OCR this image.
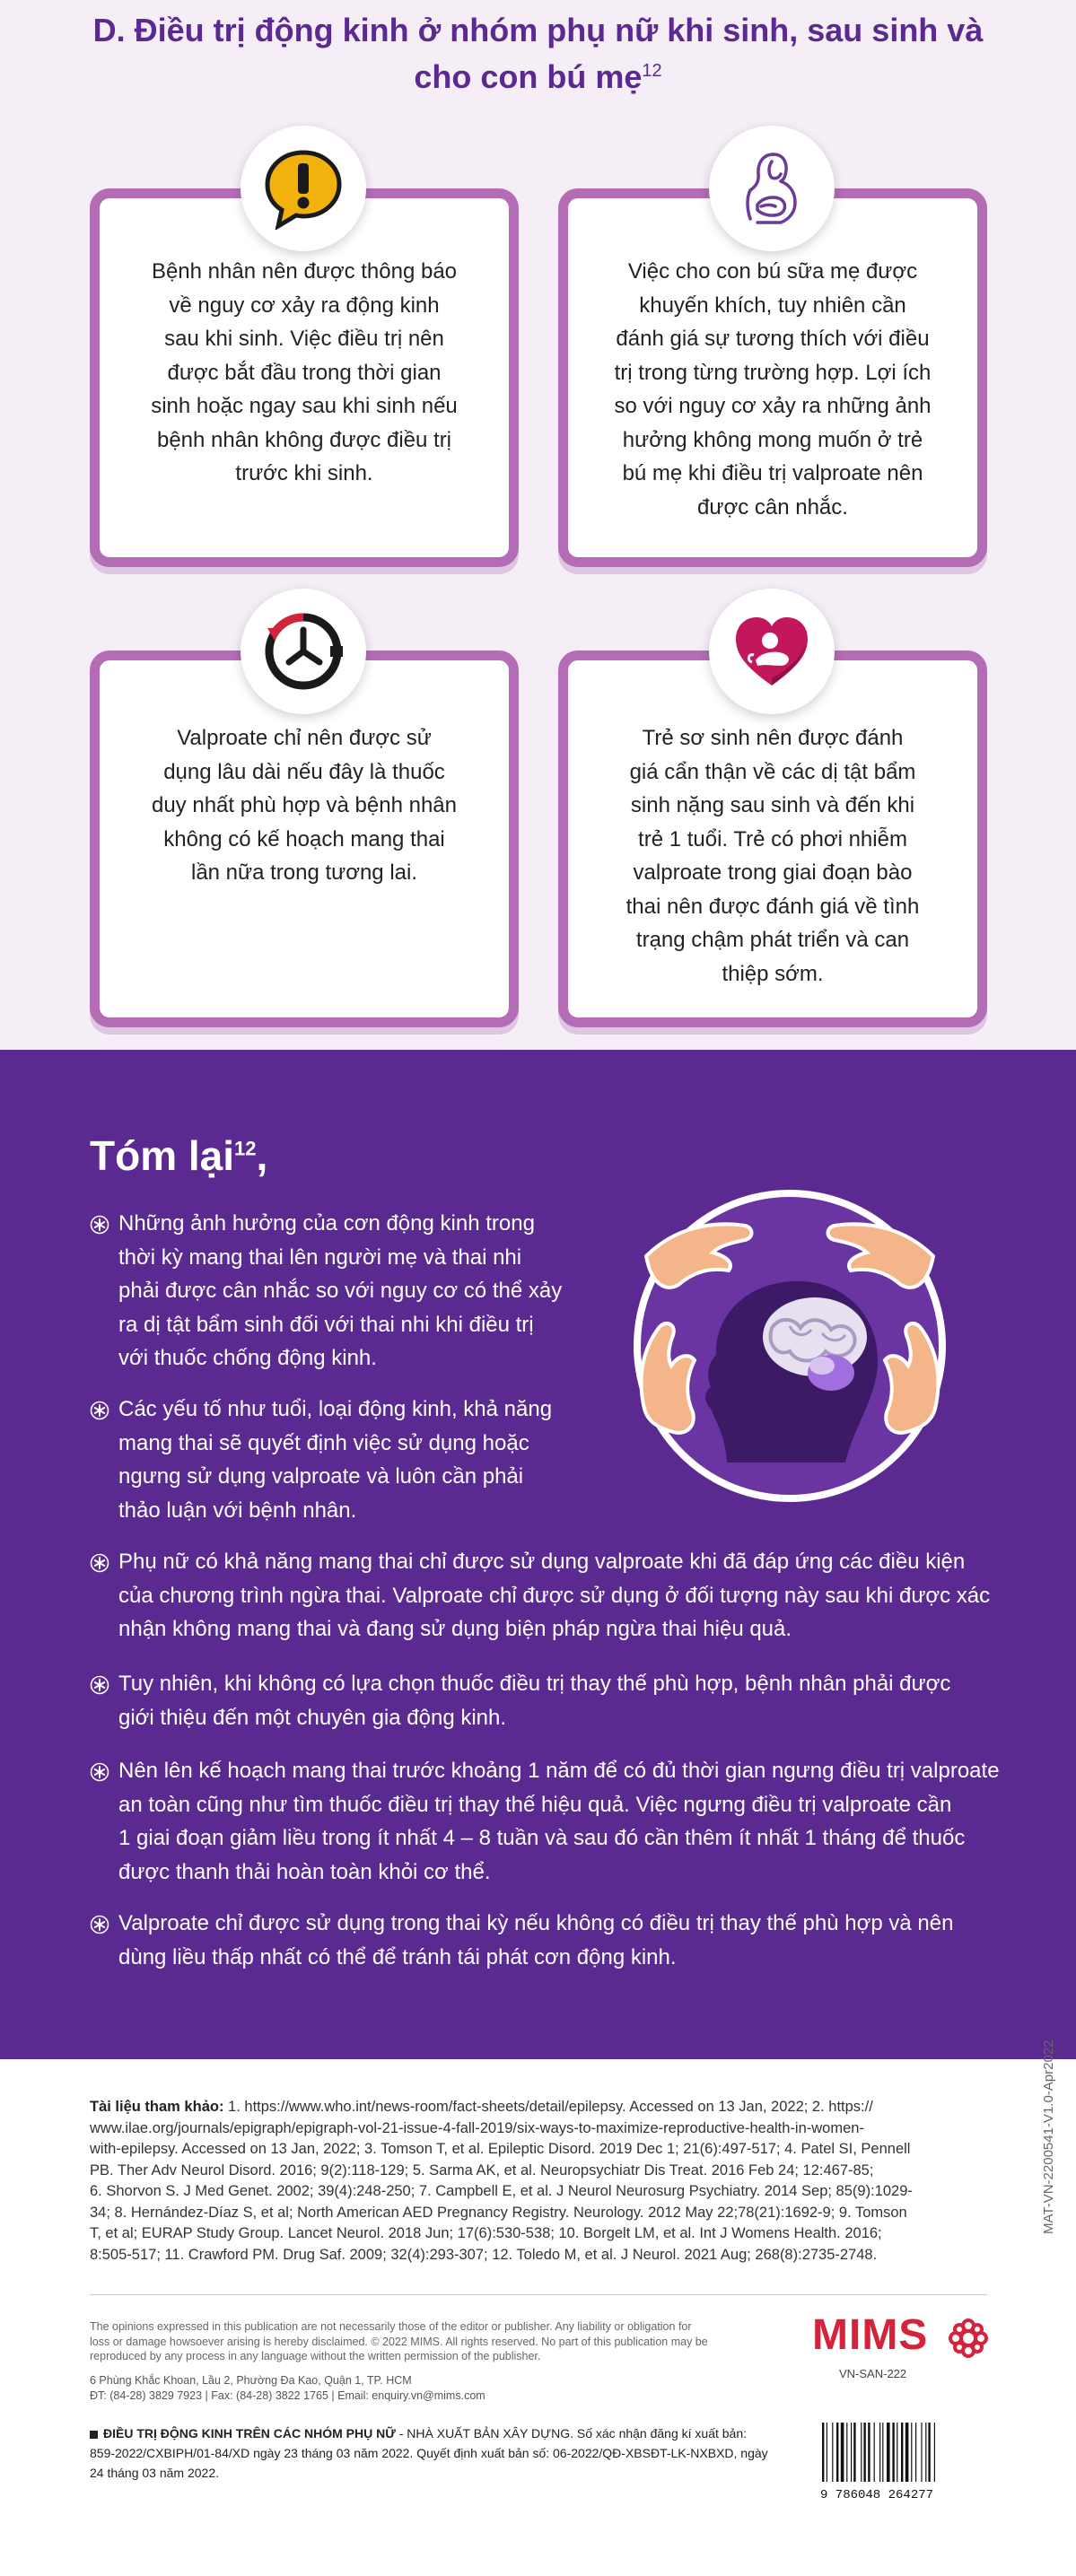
D. Điều trị động kinh ở nhóm phụ nữ khi sinh, sau sinh và
cho con bú mẹ$^{12}$
Bệnh nhân nên được thông báo
về nguy cơ xảy ra động kinh
sau khi sinh. Việc điều trị nên
được bắt đầu trong thời gian
sinh hoặc ngay sau khi sinh nếu
bệnh nhân không được điều trị
trước khi sinh.
Việc cho con bú sữa mẹ được
khuyến khích, tuy nhiên cần
đánh giá sự tương thích với điều
trị trong từng trường hợp. Lợi ích
so với nguy cơ xảy ra những ảnh
hưởng không mong muốn ở trẻ
bú mẹ khi điều trị valproate nên
được cân nhắc.
Valproate chỉ nên được sử
dụng lâu dài nếu đây là thuốc
duy nhất phù hợp và bệnh nhân
không có kế hoạch mang thai
lần nữa trong tương lai.
Trẻ sơ sinh nên được đánh
giá cẩn thận về các dị tật bẩm
sinh nặng sau sinh và đến khi
trẻ 1 tuổi. Trẻ có phơi nhiễm
valproate trong giai đoạn bào
thai nên được đánh giá về tình
trạng chậm phát triển và can
thiệp sớm.
Tóm lại$^{12}$,
Những ảnh hưởng của cơn động kinh trong
thời kỳ mang thai lên người mẹ và thai nhi
phải được cân nhắc so với nguy cơ có thể xảy
ra dị tật bẩm sinh đối với thai nhi khi điều trị
với thuốc chống động kinh.
Các yếu tố như tuổi, loại động kinh, khả năng
mang thai sẽ quyết định việc sử dụng hoặc
ngưng sử dụng valproate và luôn cần phải
thảo luận với bệnh nhân.
Phụ nữ có khả năng mang thai chỉ được sử dụng valproate khi đã đáp ứng các điều kiện
của chương trình ngừa thai. Valproate chỉ được sử dụng ở đối tượng này sau khi được xác
nhận không mang thai và đang sử dụng biện pháp ngừa thai hiệu quả.
Tuy nhiên, khi không có lựa chọn thuốc điều trị thay thế phù hợp, bệnh nhân phải được
giới thiệu đến một chuyên gia động kinh.
Nên lên kế hoạch mang thai trước khoảng 1 năm để có đủ thời gian ngưng điều trị valproate
an toàn cũng như tìm thuốc điều trị thay thế hiệu quả. Việc ngưng điều trị valproate cần
1 giai đoạn giảm liều trong ít nhất 4 – 8 tuần và sau đó cần thêm ít nhất 1 tháng để thuốc
được thanh thải hoàn toàn khỏi cơ thể.
Valproate chỉ được sử dụng trong thai kỳ nếu không có điều trị thay thế phù hợp và nên
dùng liều thấp nhất có thể để tránh tái phát cơn động kinh.
Tài liệu tham khảo: 1. https://www.who.int/news-room/fact-sheets/detail/epilepsy. Accessed on 13 Jan, 2022; 2. https://
www.ilae.org/journals/epigraph/epigraph-vol-21-issue-4-fall-2019/six-ways-to-maximize-reproductive-health-in-women-
with-epilepsy. Accessed on 13 Jan, 2022; 3. Tomson T, et al. Epileptic Disord. 2019 Dec 1; 21(6):497-517; 4. Patel SI, Pennell
PB. Ther Adv Neurol Disord. 2016; 9(2):118-129; 5. Sarma AK, et al. Neuropsychiatr Dis Treat. 2016 Feb 24; 12:467-85;
6. Shorvon S. J Med Genet. 2002; 39(4):248-250; 7. Campbell E, et al. J Neurol Neurosurg Psychiatry. 2014 Sep; 85(9):1029-
34; 8. Hernández-Díaz S, et al; North American AED Pregnancy Registry. Neurology. 2012 May 22;78(21):1692-9; 9. Tomson
T, et al; EURAP Study Group. Lancet Neurol. 2018 Jun; 17(6):530-538; 10. Borgelt LM, et al. Int J Womens Health. 2016;
8:505-517; 11. Crawford PM. Drug Saf. 2009; 32(4):293-307; 12. Toledo M, et al. J Neurol. 2021 Aug; 268(8):2735-2748.
The opinions expressed in this publication are not necessarily those of the editor or publisher. Any liability or obligation for
loss or damage howsoever arising is hereby disclaimed. © 2022 MIMS. All rights reserved. No part of this publication may be
reproduced by any process in any language without the written permission of the publisher.
6 Phùng Khắc Khoan, Lầu 2, Phường Đa Kao, Quận 1, TP. HCM
ĐT: (84-28) 3829 7923 | Fax: (84-28) 3822 1765 | Email: enquiry.vn@mims.com
ĐIỀU TRỊ ĐỘNG KINH TRÊN CÁC NHÓM PHỤ NỮ - NHÀ XUẤT BẢN XÂY DỰNG. Số xác nhận đăng kí xuất bản:
859-2022/CXBIPH/01-84/XD ngày 23 tháng 03 năm 2022. Quyết định xuất bản số: 06-2022/QĐ-XBSĐT-LK-NXBXD, ngày
24 tháng 03 năm 2022.
MIMS
VN-SAN-222
9 786048 264277
MAT-VN-2200541-V1.0-Apr2022
